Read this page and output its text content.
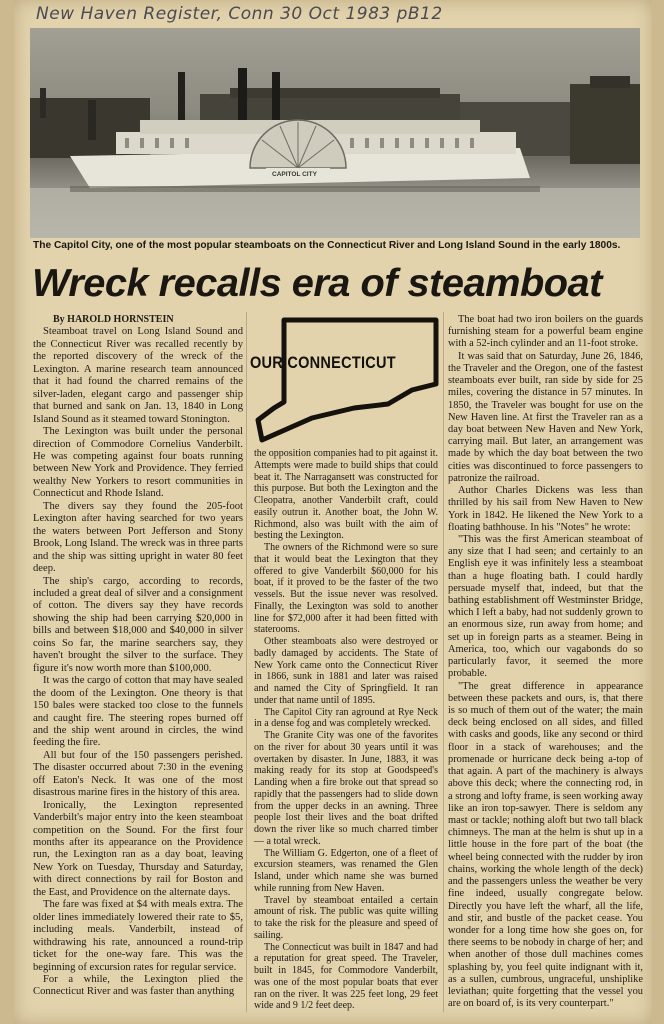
New Haven Register, Conn 30 Oct 1983 pB12
CAPITOL CITY
The Capitol City, one of the most popular steamboats on the Connecticut River and Long Island Sound in the early 1800s.
Wreck recalls era of steamboat
OUR CONNECTICUT

By HAROLD HORNSTEIN

Steamboat travel on Long Island Sound and the Connecticut River was recalled recently by the reported discovery of the wreck of the Lexington. A marine research team announced that it had found the charred remains of the silver-laden, elegant cargo and passenger ship that burned and sank on Jan. 13, 1840 in Long Island Sound as it steamed toward Stonington.

The Lexington was built under the personal direction of Commodore Cornelius Vanderbilt. He was competing against four boats running between New York and Providence. They ferried wealthy New Yorkers to resort communities in Connecticut and Rhode Island.

The divers say they found the 205-foot Lexington after having searched for two years the waters between Port Jefferson and Stony Brook, Long Island. The wreck was in three parts and the ship was sitting upright in water 80 feet deep.

The ship's cargo, according to records, included a great deal of silver and a consignment of cotton. The divers say they have records showing the ship had been carrying $20,000 in bills and between $18,000 and $40,000 in silver coins So far, the marine searchers say, they haven't brought the silver to the surface. They figure it's now worth more than $100,000.

It was the cargo of cotton that may have sealed the doom of the Lexington. One theory is that 150 bales were stacked too close to the funnels and caught fire. The steering ropes burned off and the ship went around in circles, the wind feeding the fire.

All but four of the 150 passengers perished. The disaster occurred about 7:30 in the evening off Eaton's Neck. It was one of the most disastrous marine fires in the history of this area.

Ironically, the Lexington represented Vanderbilt's major entry into the keen steamboat competition on the Sound. For the first four months after its appearance on the Providence run, the Lexington ran as a day boat, leaving New York on Tuesday, Thursday and Saturday, with direct connections by rail for Boston and the East, and Providence on the alternate days.

The fare was fixed at $4 with meals extra. The older lines immediately lowered their rate to $5, including meals. Vanderbilt, instead of withdrawing his rate, announced a round-trip ticket for the one-way fare. This was the beginning of excursion rates for regular service.

For a while, the Lexington plied the Connecticut River and was faster than anything

the opposition companies had to pit against it. Attempts were made to build ships that could beat it. The Narragansett was constructed for this purpose. But both the Lexington and the Cleopatra, another Vanderbilt craft, could easily outrun it. Another boat, the John W. Richmond, also was built with the aim of besting the Lexington.

The owners of the Richmond were so sure that it would beat the Lexington that they offered to give Vanderbilt $60,000 for his boat, if it proved to be the faster of the two vessels. But the issue never was resolved. Finally, the Lexington was sold to another line for $72,000 after it had been fitted with staterooms.

Other steamboats also were destroyed or badly damaged by accidents. The State of New York came onto the Connecticut River in 1866, sunk in 1881 and later was raised and named the City of Springfield. It ran under that name until of 1895.

The Capitol City ran aground at Rye Neck in a dense fog and was completely wrecked.

The Granite City was one of the favorites on the river for about 30 years until it was overtaken by disaster. In June, 1883, it was making ready for its stop at Goodspeed's Landing when a fire broke out that spread so rapidly that the passengers had to slide down from the upper decks in an awning. Three people lost their lives and the boat drifted down the river like so much charred timber — a total wreck.

The William G. Edgerton, one of a fleet of excursion steamers, was renamed the Glen Island, under which name she was burned while running from New Haven.

Travel by steamboat entailed a certain amount of risk. The public was quite willing to take the risk for the pleasure and speed of sailing.

The Connecticut was built in 1847 and had a reputation for great speed. The Traveler, built in 1845, for Commodore Vanderbilt, was one of the most popular boats that ever ran on the river. It was 225 feet long, 29 feet wide and 9 1/2 feet deep.

The boat had two iron boilers on the guards furnishing steam for a powerful beam engine with a 52-inch cylinder and an 11-foot stroke.

It was said that on Saturday, June 26, 1846, the Traveler and the Oregon, one of the fastest steamboats ever built, ran side by side for 25 miles, covering the distance in 57 minutes. In 1850, the Traveler was bought for use on the New Haven line. At first the Traveler ran as a day boat between New Haven and New York, carrying mail. But later, an arrangement was made by which the day boat between the two cities was discontinued to force passengers to patronize the railroad.

Author Charles Dickens was less than thrilled by his sail from New Haven to New York in 1842. He likened the New York to a floating bathhouse. In his "Notes" he wrote:

"This was the first American steamboat of any size that I had seen; and certainly to an English eye it was infinitely less a steamboat than a huge floating bath. I could hardly persuade myself that, indeed, but that the bathing establishment off Westminster Bridge, which I left a baby, had not suddenly grown to an enormous size, run away from home; and set up in foreign parts as a steamer. Being in America, too, which our vagabonds do so particularly favor, it seemed the more probable.

"The great difference in appearance between these packets and ours, is, that there is so much of them out of the water; the main deck being enclosed on all sides, and filled with casks and goods, like any second or third floor in a stack of warehouses; and the promenade or hurricane deck being a-top of that again. A part of the machinery is always above this deck; where the connecting rod, in a strong and lofty frame, is seen working away like an iron top-sawyer. There is seldom any mast or tackle; nothing aloft but two tall black chimneys. The man at the helm is shut up in a little house in the fore part of the boat (the wheel being connected with the rudder by iron chains, working the whole length of the deck) and the passengers unless the weather be very fine indeed, usually congregate below. Directly you have left the wharf, all the life, and stir, and bustle of the packet cease. You wonder for a long time how she goes on, for there seems to be nobody in charge of her; and when another of those dull machines comes splashing by, you feel quite indignant with it, as a sullen, cumbrous, ungraceful, unshiplike leviathan; quite forgetting that the vessel you are on board of, is its very counterpart."
